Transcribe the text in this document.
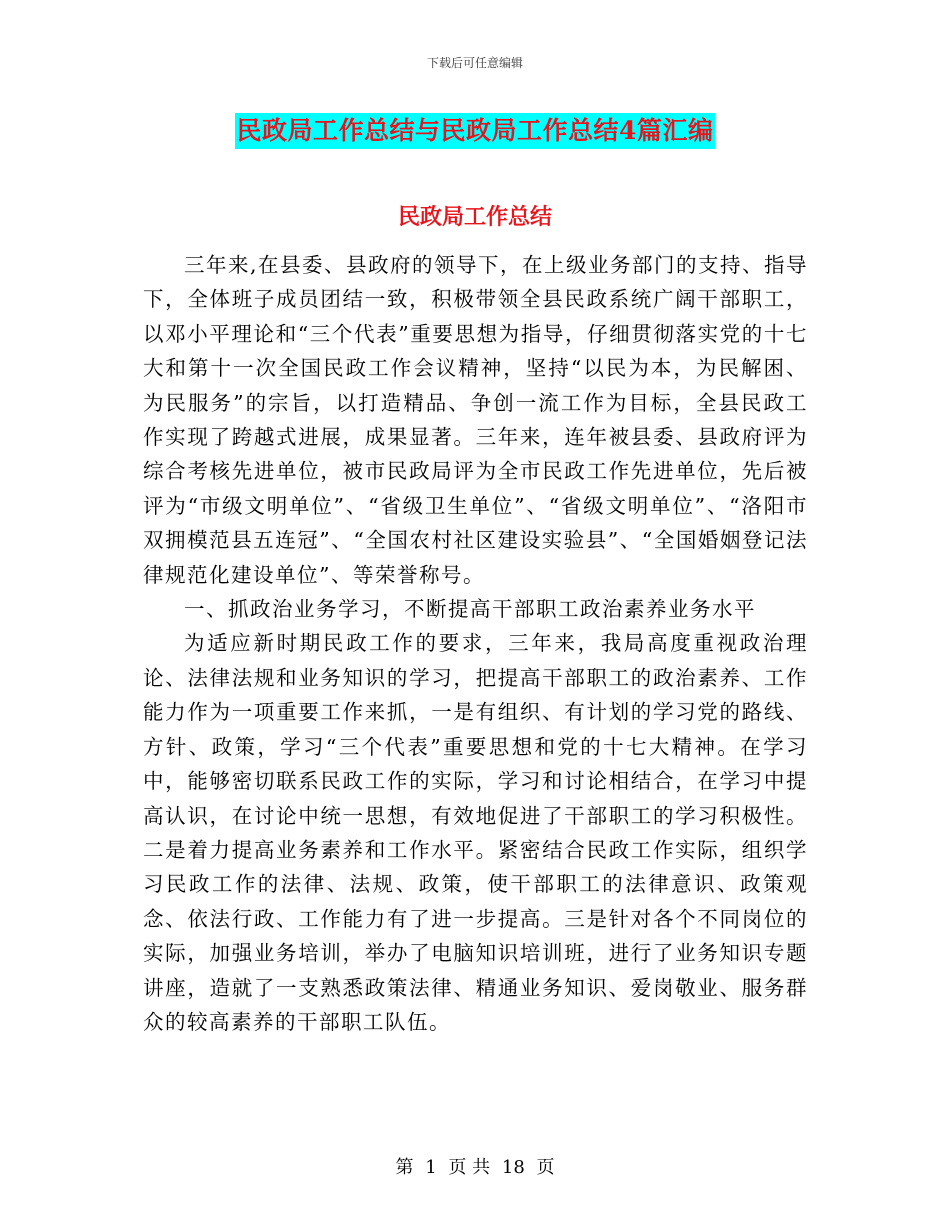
下载后可任意编辑
民政局工作总结与民政局工作总结4篇汇编
民政局工作总结

三年来,在县委、县政府的领导下，在上级业务部门的支持、指导下，全体班子成员团结一致，积极带领全县民政系统广阔干部职工，以邓小平理论和“三个代表”重要思想为指导，仔细贯彻落实党的十七大和第十一次全国民政工作会议精神，坚持“以民为本，为民解困、为民服务”的宗旨，以打造精品、争创一流工作为目标，全县民政工作实现了跨越式进展，成果显著。三年来，连年被县委、县政府评为综合考核先进单位，被市民政局评为全市民政工作先进单位，先后被评为“市级文明单位”、“省级卫生单位”、“省级文明单位”、“洛阳市双拥模范县五连冠”、“全国农村社区建设实验县”、“全国婚姻登记法律规范化建设单位”、等荣誉称号。

一、抓政治业务学习，不断提高干部职工政治素养业务水平

为适应新时期民政工作的要求，三年来，我局高度重视政治理论、法律法规和业务知识的学习，把提高干部职工的政治素养、工作能力作为一项重要工作来抓，一是有组织、有计划的学习党的路线、方针、政策，学习“三个代表”重要思想和党的十七大精神。在学习中，能够密切联系民政工作的实际，学习和讨论相结合，在学习中提高认识，在讨论中统一思想，有效地促进了干部职工的学习积极性。二是着力提高业务素养和工作水平。紧密结合民政工作实际，组织学习民政工作的法律、法规、政策，使干部职工的法律意识、政策观念、依法行政、工作能力有了进一步提高。三是针对各个不同岗位的实际，加强业务培训，举办了电脑知识培训班，进行了业务知识专题讲座，造就了一支熟悉政策法律、精通业务知识、爱岗敬业、服务群众的较高素养的干部职工队伍。

第 1 页 共 18 页
